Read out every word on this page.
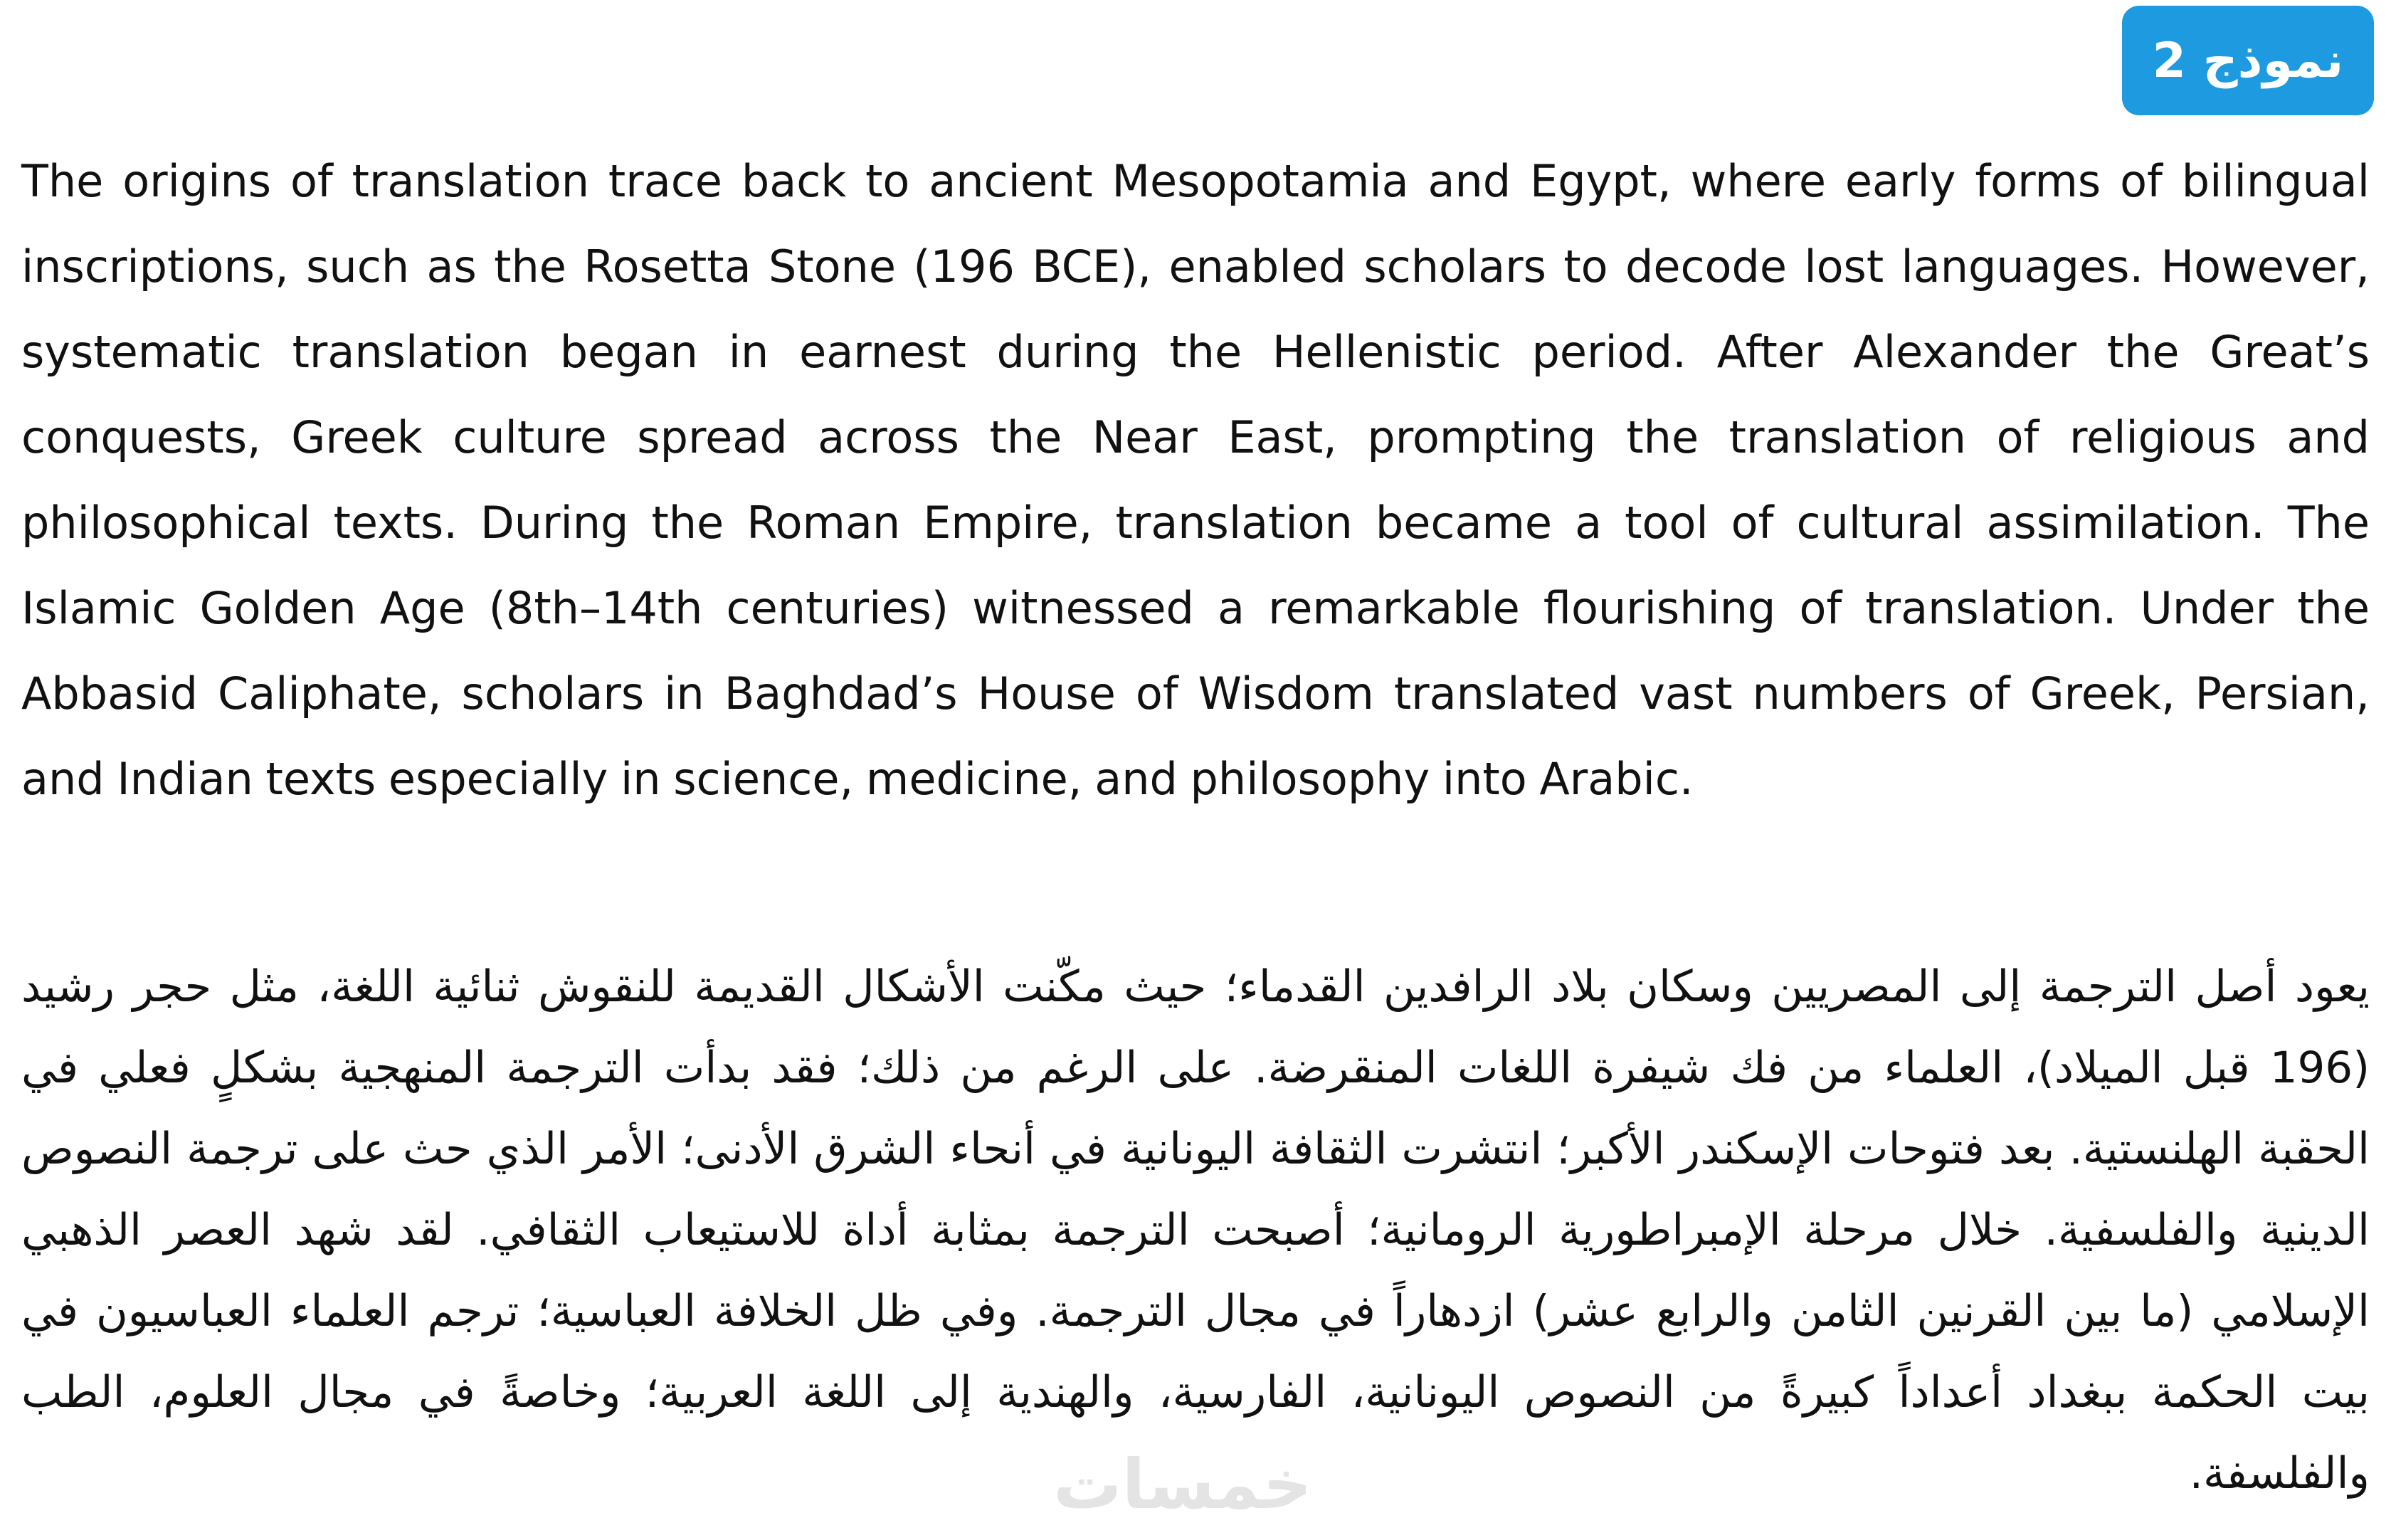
نموذج 2

The origins of translation trace back to ancient Mesopotamia and Egypt, where early forms of bilingual inscriptions, such as the Rosetta Stone (196 BCE), enabled scholars to decode lost languages. However, systematic translation began in earnest during the Hellenistic period. After Alexander the Great’s conquests, Greek culture spread across the Near East, prompting the translation of religious and philosophical texts. During the Roman Empire, translation became a tool of cultural assimilation. The Islamic Golden Age (8th–14th centuries) witnessed a remarkable flourishing of translation. Under the Abbasid Caliphate, scholars in Baghdad’s House of Wisdom translated vast numbers of Greek, Persian, and Indian texts especially in science, medicine, and philosophy into Arabic.

خمسات

يعود أصل الترجمة إلى المصريين وسكان بلاد الرافدين القدماء؛ حيث مكّنت الأشكال القديمة للنقوش ثنائية اللغة، مثل حجر رشيد (196 قبل الميلاد)، العلماء من فك شيفرة اللغات المنقرضة. على الرغم من ذلك؛ فقد بدأت الترجمة المنهجية بشكلٍ فعلي في الحقبة الهلنستية. بعد فتوحات الإسكندر الأكبر؛ انتشرت الثقافة اليونانية في أنحاء الشرق الأدنى؛ الأمر الذي حث على ترجمة النصوص الدينية والفلسفية. خلال مرحلة الإمبراطورية الرومانية؛ أصبحت الترجمة بمثابة أداة للاستيعاب الثقافي. لقد شهد العصر الذهبي الإسلامي (ما بين القرنين الثامن والرابع عشر) ازدهاراً في مجال الترجمة. وفي ظل الخلافة العباسية؛ ترجم العلماء العباسيون في بيت الحكمة ببغداد أعداداً كبيرةً من النصوص اليونانية، الفارسية، والهندية إلى اللغة العربية؛ وخاصةً في مجال العلوم، الطب والفلسفة.
